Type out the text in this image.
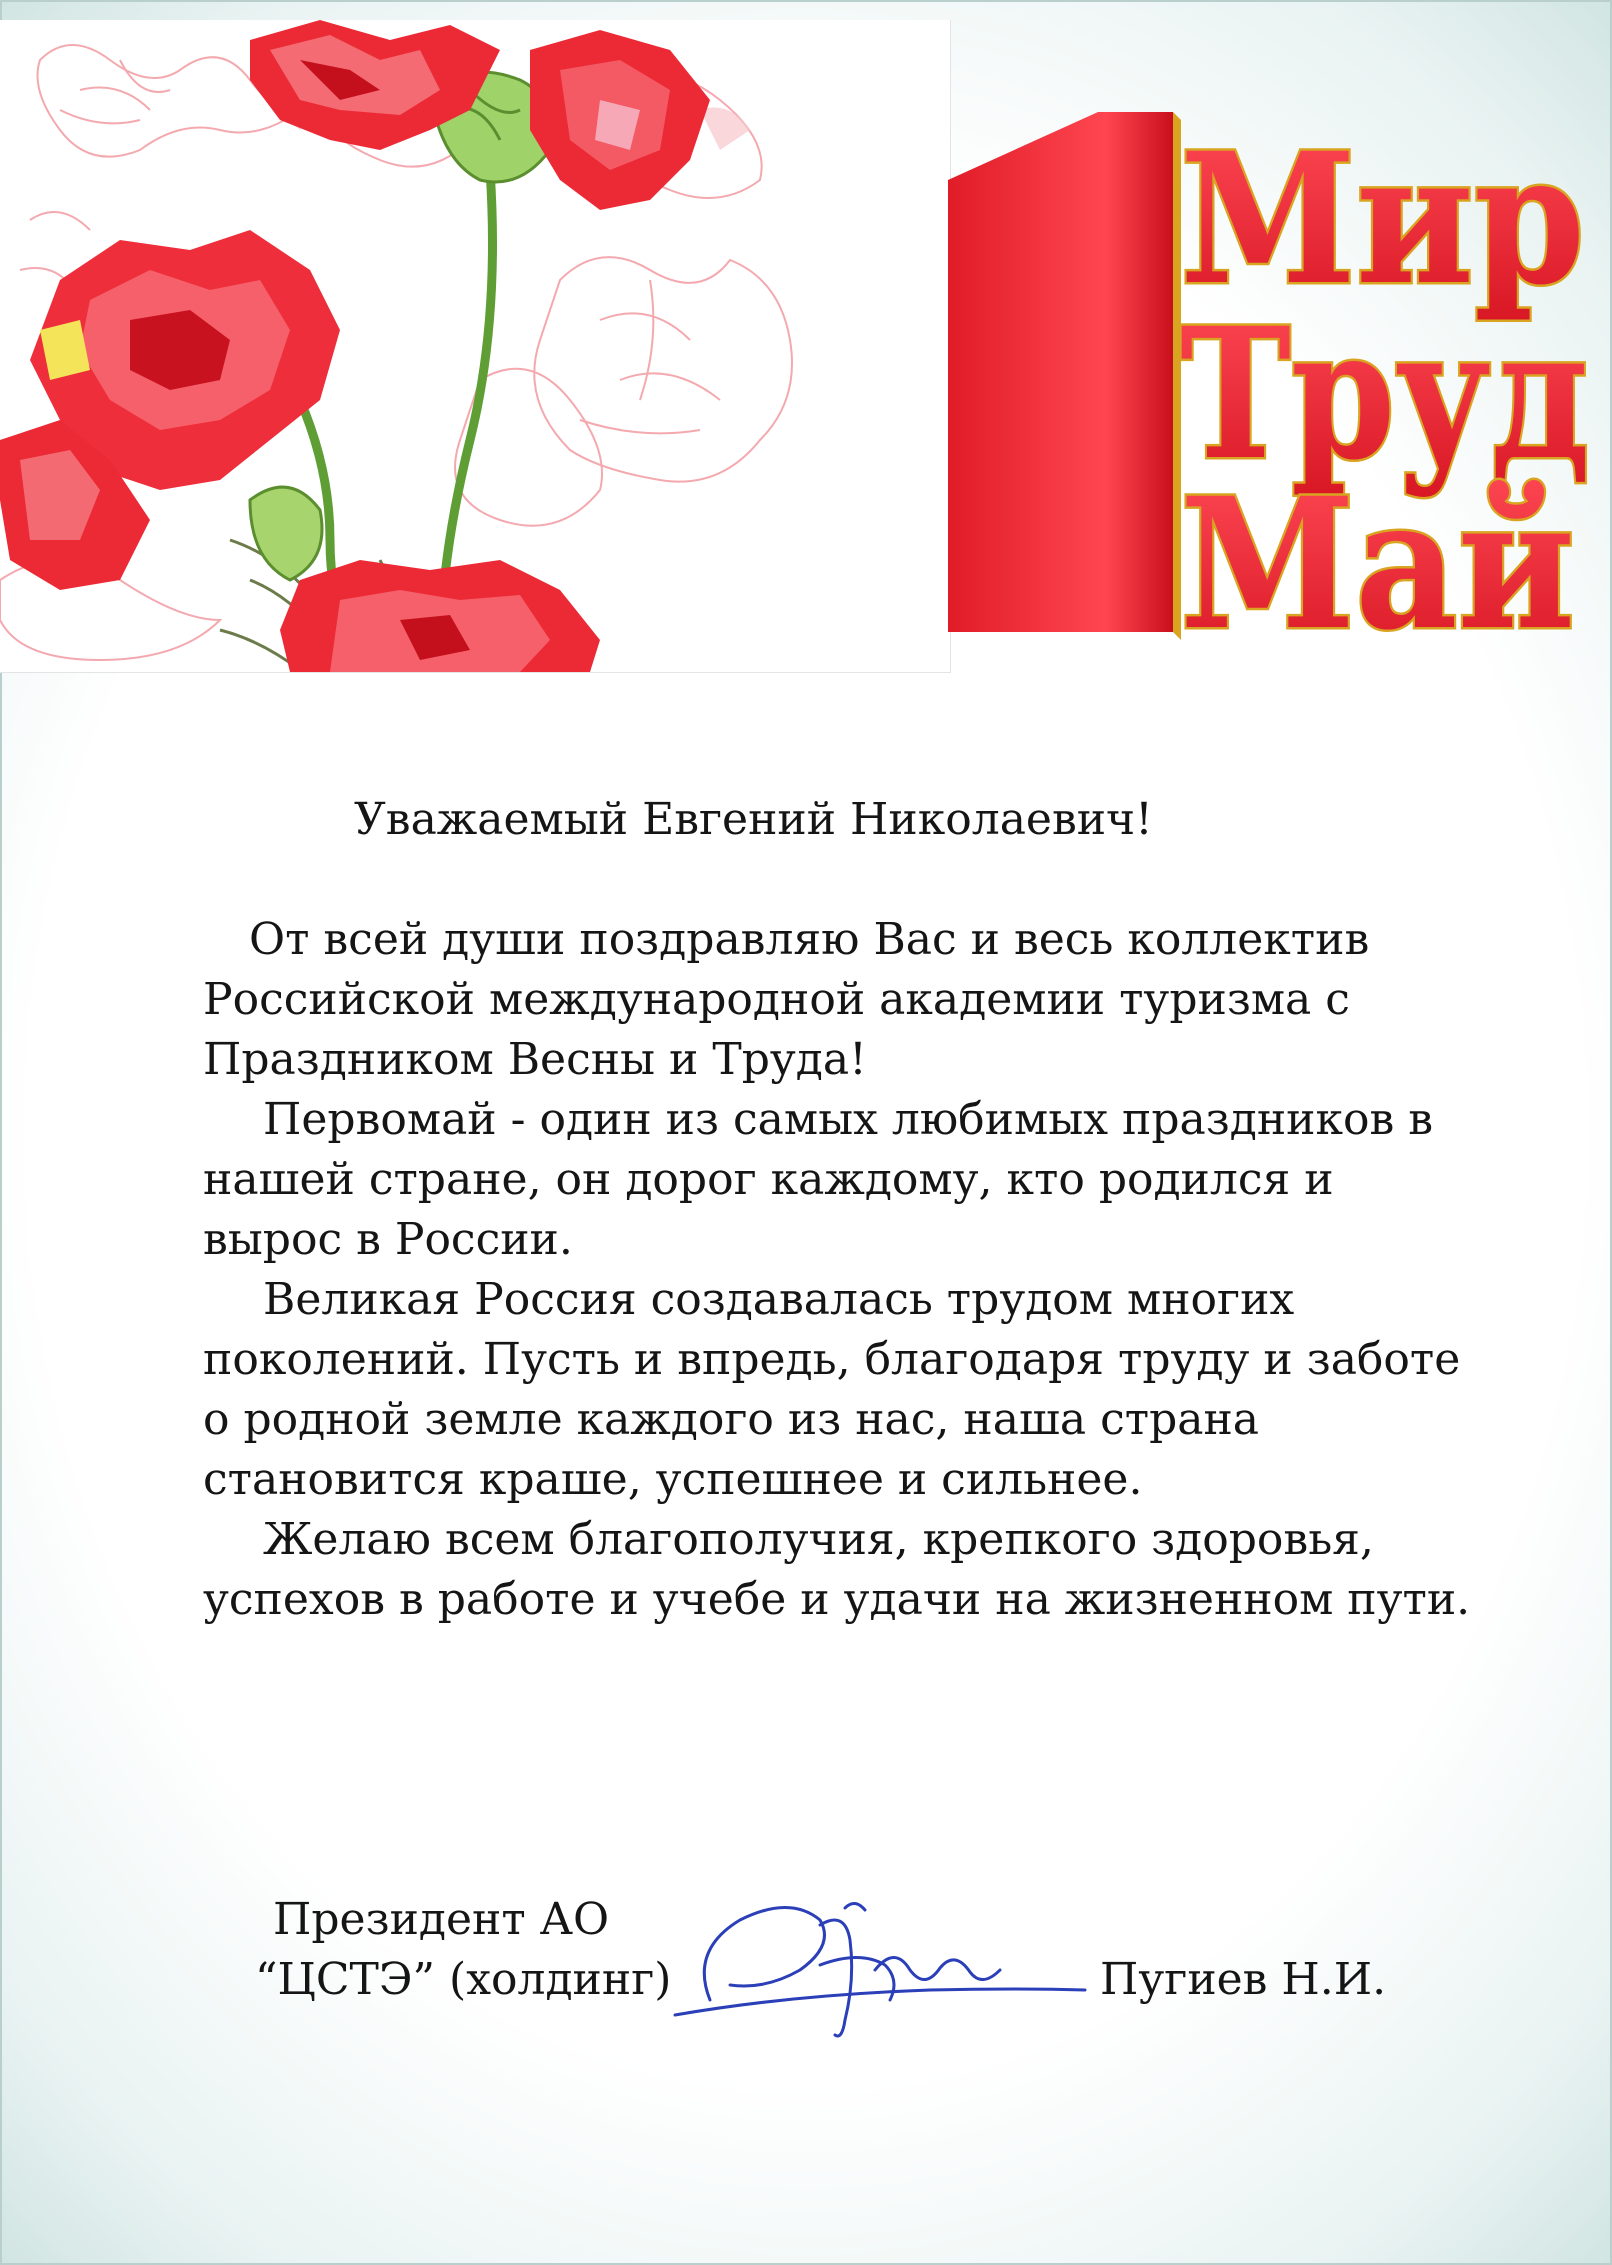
Мир
Труд
Май

Уважаемый Евгений Николаевич!

От всей души поздравляю Вас и весь коллектив Российской международной академии туризма с Праздником Весны и Труда!

Первомай - один из самых любимых праздников в нашей стране, он дорог каждому, кто родился и вырос в России.

Великая Россия создавалась трудом многих поколений. Пусть и впредь, благодаря труду и заботе о родной земле каждого из нас, наша страна становится краше, успешнее и сильнее.

Желаю всем благополучия, крепкого здоровья, успехов в работе и учебе и удачи на жизненном пути.

Президент АО

“ЦСТЭ” (холдинг)	Пугиев Н.И.
